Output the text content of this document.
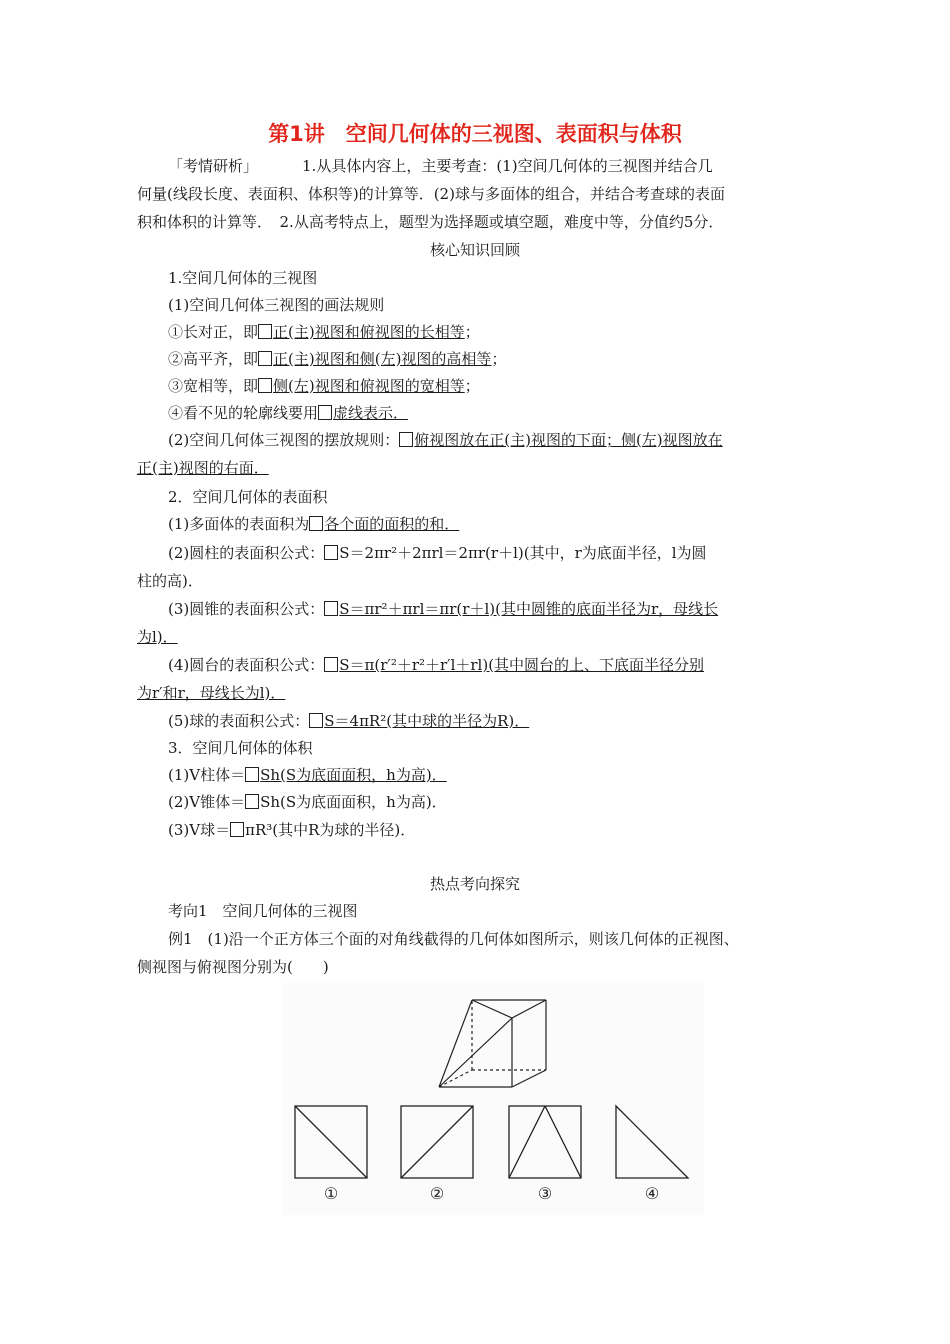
第1讲　空间几何体的三视图、表面积与体积
「考情研析」	1.从具体内容上，主要考查：(1)空间几何体的三视图并结合几
何量(线段长度、表面积、体积等)的计算等．(2)球与多面体的组合，并结合考查球的表面
积和体积的计算等．　2.从高考特点上，题型为选择题或填空题，难度中等，分值约5分．
核心知识回顾
1.空间几何体的三视图
(1)空间几何体三视图的画法规则
①长对正，即 正(主)视图和俯视图的长相等；
②高平齐，即 正(主)视图和侧(左)视图的高相等；
③宽相等，即 侧(左)视图和俯视图的宽相等；
④看不见的轮廓线要用 虚线表示．
(2)空间几何体三视图的摆放规则： 俯视图放在正(主)视图的下面；侧(左)视图放在
正(主)视图的右面．
2．空间几何体的表面积
(1)多面体的表面积为 各个面的面积的和．
(2)圆柱的表面积公式： S＝2πr²＋2πrl＝2πr(r＋l)(其中，r为底面半径，l为圆
柱的高)．
(3)圆锥的表面积公式： S＝πr²＋πrl＝πr(r＋l)(其中圆锥的底面半径为r，母线长
为l)．
(4)圆台的表面积公式： S＝π(r′²＋r²＋r′l＋rl)(其中圆台的上、下底面半径分别
为r′和r，母线长为l)．
(5)球的表面积公式： S＝4πR²(其中球的半径为R)．
3．空间几何体的体积
(1)V柱体＝ Sh(S为底面面积，h为高)．
(2)V锥体＝ Sh(S为底面面积，h为高)．
(3)V球＝ πR³(其中R为球的半径)．
热点考向探究
考向1　空间几何体的三视图
例1　(1)沿一个正方体三个面的对角线截得的几何体如图所示，则该几何体的正视图、
侧视图与俯视图分别为(　　)
①	②	③	④
